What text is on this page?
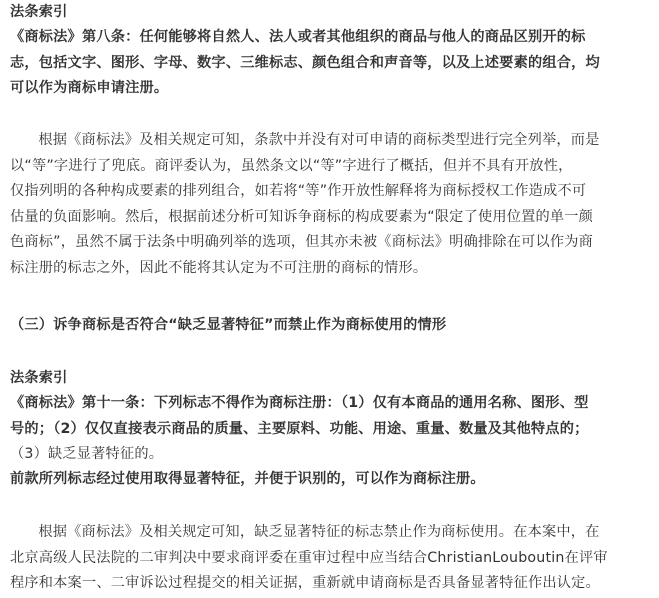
法条索引
《商标法》第八条：任何能够将自然人、法人或者其他组织的商品与他人的商品区别开的标
志，包括文字、图形、字母、数字、三维标志、颜色组合和声音等，以及上述要素的组合，均
可以作为商标申请注册。
根据《商标法》及相关规定可知，条款中并没有对可申请的商标类型进行完全列举，而是
以“等”字进行了兜底。商评委认为，虽然条文以“等”字进行了概括，但并不具有开放性，
仅指列明的各种构成要素的排列组合，如若将“等”作开放性解释将为商标授权工作造成不可
估量的负面影响。然后，根据前述分析可知诉争商标的构成要素为“限定了使用位置的单一颜
色商标”，虽然不属于法条中明确列举的选项，但其亦未被《商标法》明确排除在可以作为商
标注册的标志之外，因此不能将其认定为不可注册的商标的情形。
（三）诉争商标是否符合“缺乏显著特征”而禁止作为商标使用的情形
法条索引
《商标法》第十一条：下列标志不得作为商标注册：（1）仅有本商品的通用名称、图形、型
号的；（2）仅仅直接表示商品的质量、主要原料、功能、用途、重量、数量及其他特点的；
（3）缺乏显著特征的。
前款所列标志经过使用取得显著特征，并便于识别的，可以作为商标注册。
根据《商标法》及相关规定可知，缺乏显著特征的标志禁止作为商标使用。在本案中，在
北京高级人民法院的二审判决中要求商评委在重审过程中应当结合ChristianLouboutin在评审
程序和本案一、二审诉讼过程提交的相关证据，重新就申请商标是否具备显著特征作出认定。
